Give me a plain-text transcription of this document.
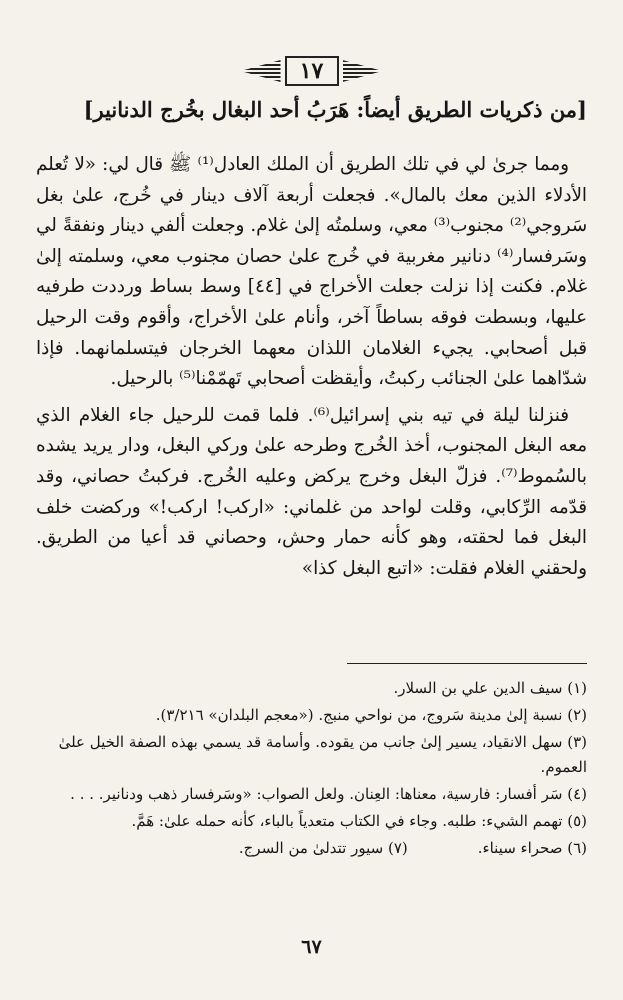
١٧
[من ذكريات الطريق أيضاً: هَرَبُ أحد البغال بخُرج الدنانير]

ومما جرىٰ لي في تلك الطريق أن الملك العادل⁽¹⁾ ﷺ قال لي: «لا تُعلم الأدلاء الذين معك بالمال». فجعلت أربعة آلاف دينار في خُرج، علىٰ بغل سَروجي⁽²⁾ مجنوب⁽³⁾ معي، وسلمتُه إلىٰ غلام. وجعلت ألفي دينار ونفقةً لي وسَرفسار⁽⁴⁾ دنانير مغربية في خُرج علىٰ حصان مجنوب معي، وسلمته إلىٰ غلام. فكنت إذا نزلت جعلت الأخراج في [٤٤] وسط بساط ورددت طرفيه عليها، وبسطت فوقه بساطاً آخر، وأنام علىٰ الأخراج، وأقوم وقت الرحيل قبل أصحابي. يجيء الغلامان اللذان معهما الخرجان فيتسلمانهما. فإذا شدّاهما علىٰ الجنائب ركبتُ، وأيقظت أصحابي تَهمّمْنا⁽⁵⁾ بالرحيل.

فنزلنا ليلة في تيه بني إسرائيل⁽⁶⁾. فلما قمت للرحيل جاء الغلام الذي معه البغل المجنوب، أخذ الخُرج وطرحه علىٰ وركي البغل، ودار يريد يشده بالسُموط⁽⁷⁾. فزلّ البغل وخرج يركض وعليه الخُرج. فركبتُ حصاني، وقد قدّمه الرِّكابي، وقلت لواحد من غلماني: «اركب! اركب!» وركضت خلف البغل فما لحقته، وهو كأنه حمار وحش، وحصاني قد أعيا من الطريق. ولحقني الغلام فقلت: «اتبع البغل كذا»

(١) سيف الدين علي بن السلار.
(٢) نسبة إلىٰ مدينة سَروج، من نواحي منبج. («معجم البلدان» ٣/٢١٦).
(٣) سهل الانقياد، يسير إلىٰ جانب من يقوده. وأسامة قد يسمي بهذه الصفة الخيل علىٰ العموم.
(٤) سَر أفسار: فارسية، معناها: العِنان. ولعل الصواب: «وسَرفسار ذهب ودنانير. . . .
(٥) تهمم الشيء: طلبه. وجاء في الكتاب متعدياً بالباء، كأنه حمله علىٰ: هَمَّ.
(٦) صحراء سيناء.
(٧) سيور تتدلىٰ من السرج.
٦٧
